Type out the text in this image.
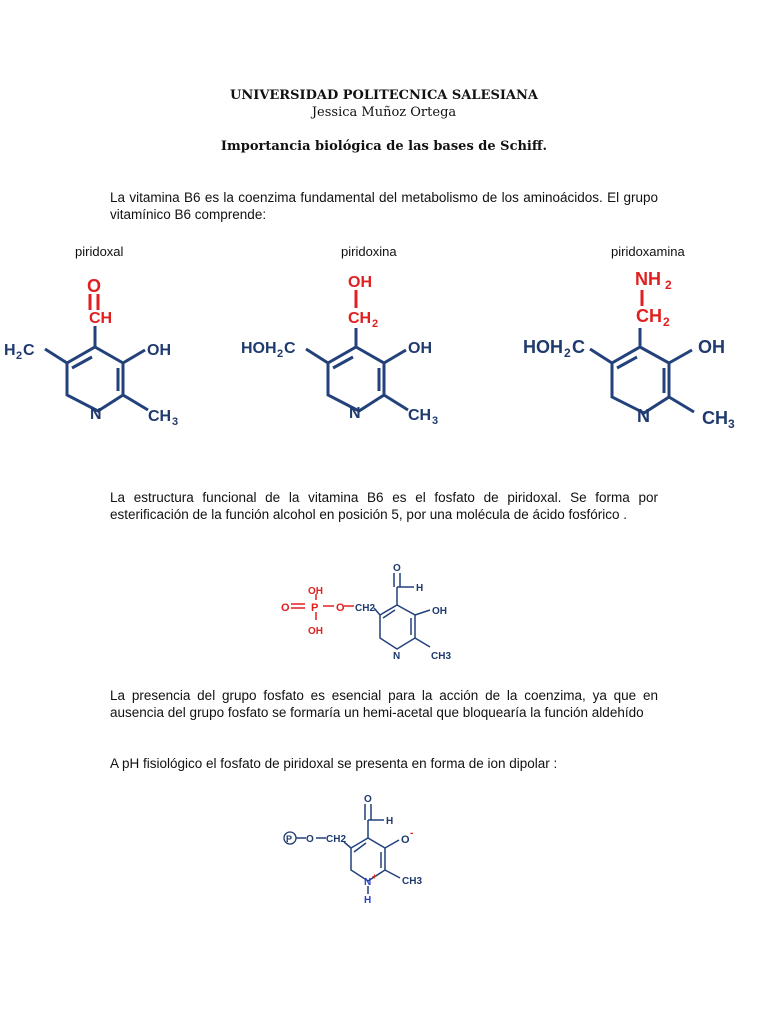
UNIVERSIDAD POLITECNICA SALESIANA
Jessica Muñoz Ortega
Importancia biológica de las bases de Schiff.
La vitamina B6 es la coenzima fundamental del metabolismo de los aminoácidos. El grupo vitamínico B6 comprende:
piridoxal	piridoxina	piridoxamina
O
CH
H 2 C	OH
N	CH 3
OH
CH 2
HOH 2 C	OH
N	CH 3
NH 2
CH 2
HOH 2 C	OH
N	CH 3
La estructura funcional de la vitamina B6 es el fosfato de piridoxal. Se forma por esterificación de la función alcohol en posición 5, por una molécula de ácido fosfórico .
OH
P
O	O
OH
CH2
O
H
OH
N	CH3
La presencia del grupo fosfato es esencial para la acción de la coenzima, ya que en ausencia del grupo fosfato se formaría un hemi-acetal que bloquearía la función aldehído
A pH fisiológico el fosfato de piridoxal se presenta en forma de ion dipolar :
P O CH2
O
H
O
-
N
+
H
CH3
